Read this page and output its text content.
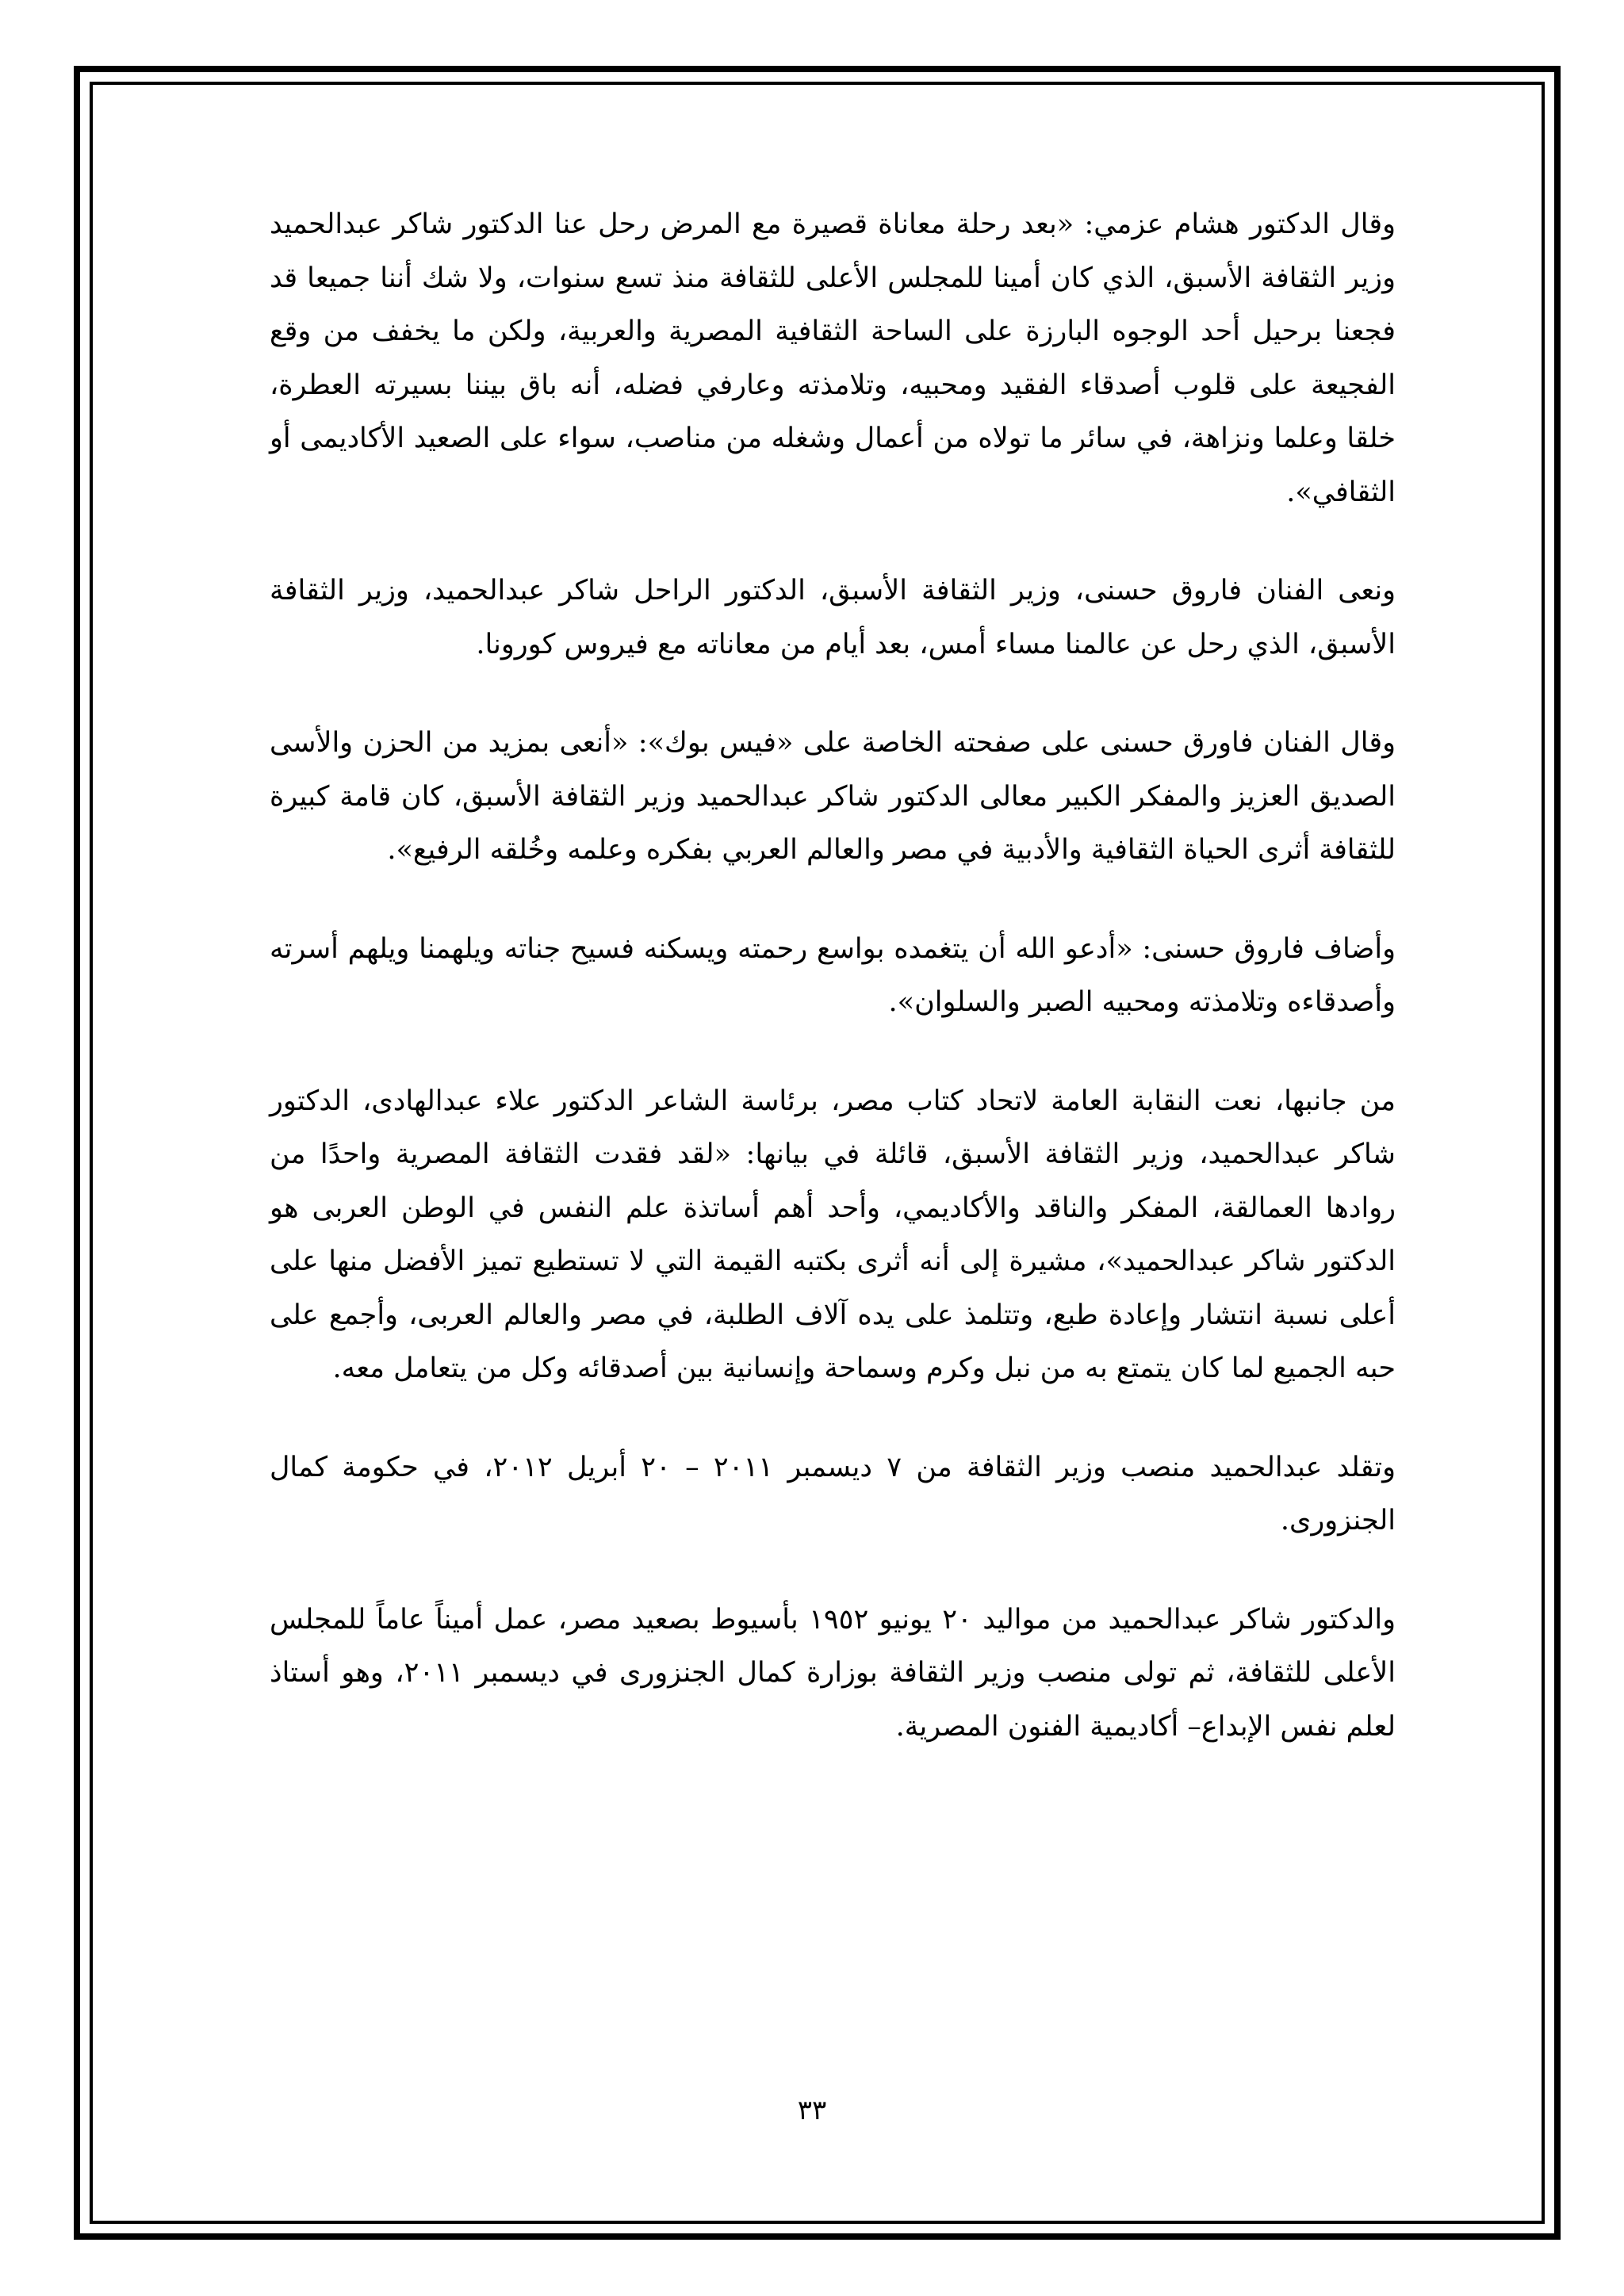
وقال الدكتور هشام عزمي: «بعد رحلة معاناة قصيرة مع المرض رحل عنا الدكتور شاكر عبدالحميد وزير الثقافة الأسبق، الذي كان أمينا للمجلس الأعلى للثقافة منذ تسع سنوات، ولا شك أننا جميعا قد فجعنا برحيل أحد الوجوه البارزة على الساحة الثقافية المصرية والعربية، ولكن ما يخفف من وقع الفجيعة على قلوب أصدقاء الفقيد ومحبيه، وتلامذته وعارفي فضله، أنه باق بيننا بسيرته العطرة، خلقا وعلما ونزاهة، في سائر ما تولاه من أعمال وشغله من مناصب، سواء على الصعيد الأكاديمى أو الثقافي».

ونعى الفنان فاروق حسنى، وزير الثقافة الأسبق، الدكتور الراحل شاكر عبدالحميد، وزير الثقافة الأسبق، الذي رحل عن عالمنا مساء أمس، بعد أيام من معاناته مع فيروس كورونا.

وقال الفنان فاورق حسنى على صفحته الخاصة على «فيس بوك»: «أنعى بمزيد من الحزن والأسى الصديق العزيز والمفكر الكبير معالى الدكتور شاكر عبدالحميد وزير الثقافة الأسبق، كان قامة كبيرة للثقافة أثرى الحياة الثقافية والأدبية في مصر والعالم العربي بفكره وعلمه وخُلقه الرفيع».

وأضاف فاروق حسنى: «أدعو الله أن يتغمده بواسع رحمته ويسكنه فسيح جناته ويلهمنا ويلهم أسرته وأصدقاءه وتلامذته ومحبيه الصبر والسلوان».

من جانبها، نعت النقابة العامة لاتحاد كتاب مصر، برئاسة الشاعر الدكتور علاء عبدالهادى، الدكتور شاكر عبدالحميد، وزير الثقافة الأسبق، قائلة في بيانها: «لقد فقدت الثقافة المصرية واحدًا من روادها العمالقة، المفكر والناقد والأكاديمي، وأحد أهم أساتذة علم النفس في الوطن العربى هو الدكتور شاكر عبدالحميد»، مشيرة إلى أنه أثرى بكتبه القيمة التي لا تستطيع تميز الأفضل منها على أعلى نسبة انتشار وإعادة طبع، وتتلمذ على يده آلاف الطلبة، في مصر والعالم العربى، وأجمع على حبه الجميع لما كان يتمتع به من نبل وكرم وسماحة وإنسانية بين أصدقائه وكل من يتعامل معه.

وتقلد عبدالحميد منصب وزير الثقافة من ٧ ديسمبر ٢٠١١ – ٢٠ أبريل ٢٠١٢، في حكومة كمال الجنزورى.

والدكتور شاكر عبدالحميد من مواليد ٢٠ يونيو ١٩٥٢ بأسيوط بصعيد مصر، عمل أميناً عاماً للمجلس الأعلى للثقافة، ثم تولى منصب وزير الثقافة بوزارة كمال الجنزورى في ديسمبر ٢٠١١، وهو أستاذ لعلم نفس الإبداع– أكاديمية الفنون المصرية.

٣٣
